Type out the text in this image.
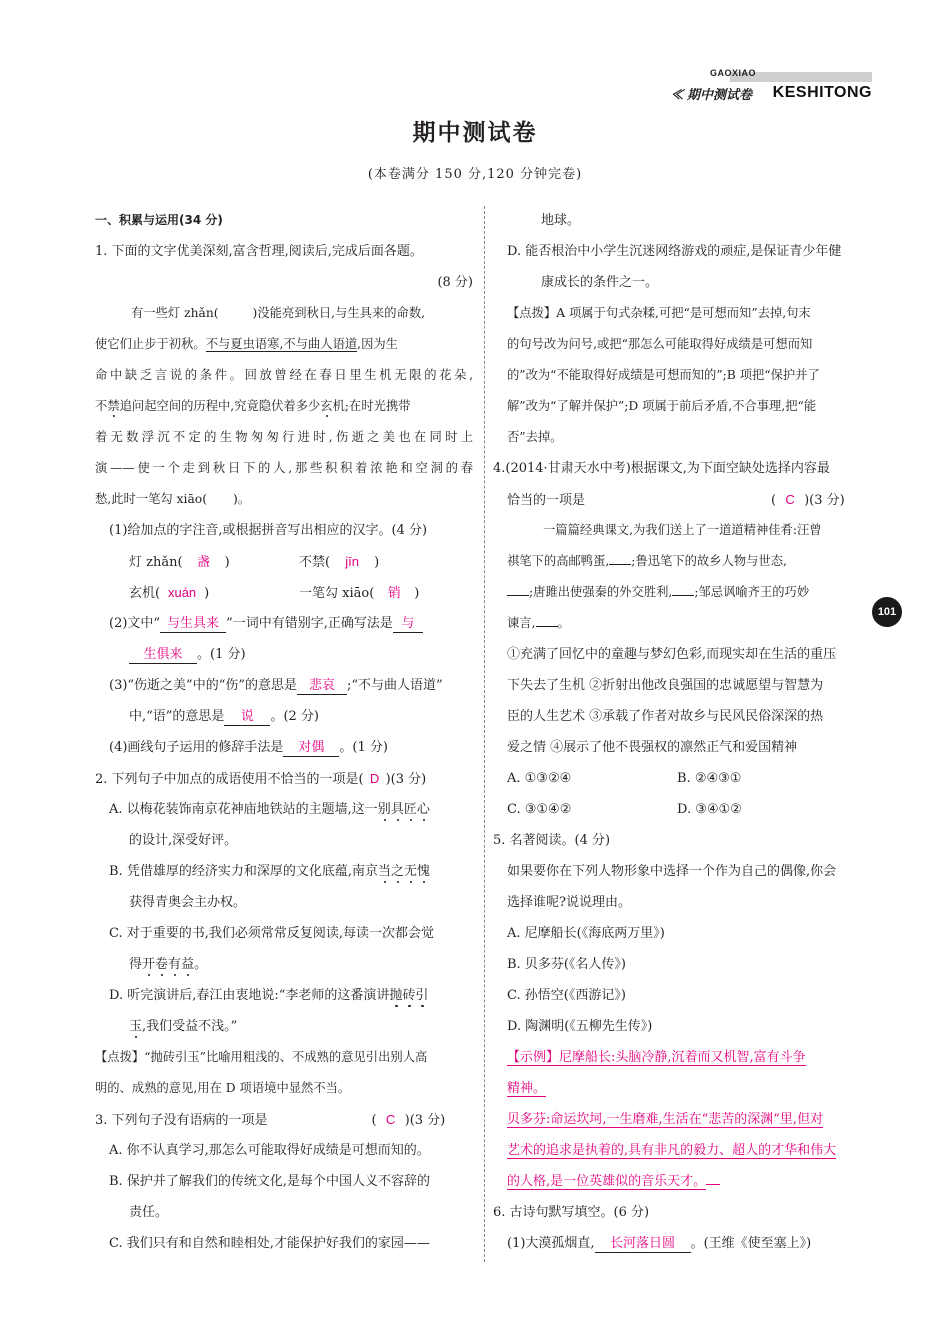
GAOXIAO
≪ 期中测试卷 KESHITONG
期中测试卷
(本卷满分 150 分,120 分钟完卷)
101
一、积累与运用(34 分)
1. 下面的文字优美深刻,富含哲理,阅读后,完成后面各题。
(8 分)
有一些灯 zhǎn(	)没能亮到秋日,与生具来的命数,
使它们止步于初秋。不与夏虫语寒,不与曲人语道,因为生
命中缺乏言说的条件。回放曾经在春日里生机无限的花朵,
不禁追问起空间的历程中,究竟隐伏着多少玄机;在时光携带
着无数浮沉不定的生物匆匆行进时,伤逝之美也在同时上
演——使一个走到秋日下的人,那些积积着浓艳和空洞的春
愁,此时一笔勾 xiāo( )。
(1)给加点的字注音,或根据拼音写出相应的汉字。(4 分)
灯 zhǎn( 盏 )	不禁( jīn )
玄机( xuán )	一笔勾 xiāo( 销 )
(2)文中“ 与生具来 ”一词中有错别字,正确写法是 与
生俱来 。(1 分)
(3)“伤逝之美”中的“伤”的意思是 悲哀 ;“不与曲人语道”
中,“语”的意思是 说 。(2 分)
(4)画线句子运用的修辞手法是 对偶 。(1 分)
2. 下列句子中加点的成语使用不恰当的一项是( D )(3 分)
A. 以梅花装饰南京花神庙地铁站的主题墙,这一别具匠心
的设计,深受好评。
B. 凭借雄厚的经济实力和深厚的文化底蕴,南京当之无愧
获得青奥会主办权。
C. 对于重要的书,我们必须常常反复阅读,每读一次都会觉
得开卷有益。
D. 听完演讲后,春江由衷地说:“李老师的这番演讲抛砖引
玉,我们受益不浅。”
【点拨】“抛砖引玉”比喻用粗浅的、不成熟的意见引出别人高
明的、成熟的意见,用在 D 项语境中显然不当。
3. 下列句子没有语病的一项是	( C )(3 分)
A. 你不认真学习,那怎么可能取得好成绩是可想而知的。
B. 保护并了解我们的传统文化,是每个中国人义不容辞的
责任。
C. 我们只有和自然和睦相处,才能保护好我们的家园——
地球。
D. 能否根治中小学生沉迷网络游戏的顽症,是保证青少年健
康成长的条件之一。
【点拨】A 项属于句式杂糅,可把“是可想而知”去掉,句末
的句号改为问号,或把“那怎么可能取得好成绩是可想而知
的”改为“不能取得好成绩是可想而知的”;B 项把“保护并了
解”改为“了解并保护”;D 项属于前后矛盾,不合事理,把“能
否”去掉。
4.(2014·甘肃天水中考)根据课文,为下面空缺处选择内容最
恰当的一项是	( C )(3 分)
一篇篇经典课文,为我们送上了一道道精神佳肴:汪曾
祺笔下的高邮鸭蛋, ;鲁迅笔下的故乡人物与世态,
;唐雎出使强秦的外交胜利, ;邹忌讽喻齐王的巧妙
谏言, 。
①充满了回忆中的童趣与梦幻色彩,而现实却在生活的重压
下失去了生机 ②折射出他改良强国的忠诚愿望与智慧为
臣的人生艺术 ③承载了作者对故乡与民风民俗深深的热
爱之情 ④展示了他不畏强权的凛然正气和爱国精神
A. ①③②④	B. ②④③①
C. ③①④②	D. ③④①②
5. 名著阅读。(4 分)
如果要你在下列人物形象中选择一个作为自己的偶像,你会
选择谁呢?说说理由。
A. 尼摩船长(《海底两万里》)
B. 贝多芬(《名人传》)
C. 孙悟空(《西游记》)
D. 陶渊明(《五柳先生传》)
【示例】尼摩船长:头脑冷静,沉着而又机智,富有斗争
精神。
贝多芬:命运坎坷,一生磨难,生活在“悲苦的深渊”里,但对
艺术的追求是执着的,具有非凡的毅力、超人的才华和伟大
的人格,是一位英雄似的音乐天才。
6. 古诗句默写填空。(6 分)
(1)大漠孤烟直, 长河落日圆 。(王维《使至塞上》)
